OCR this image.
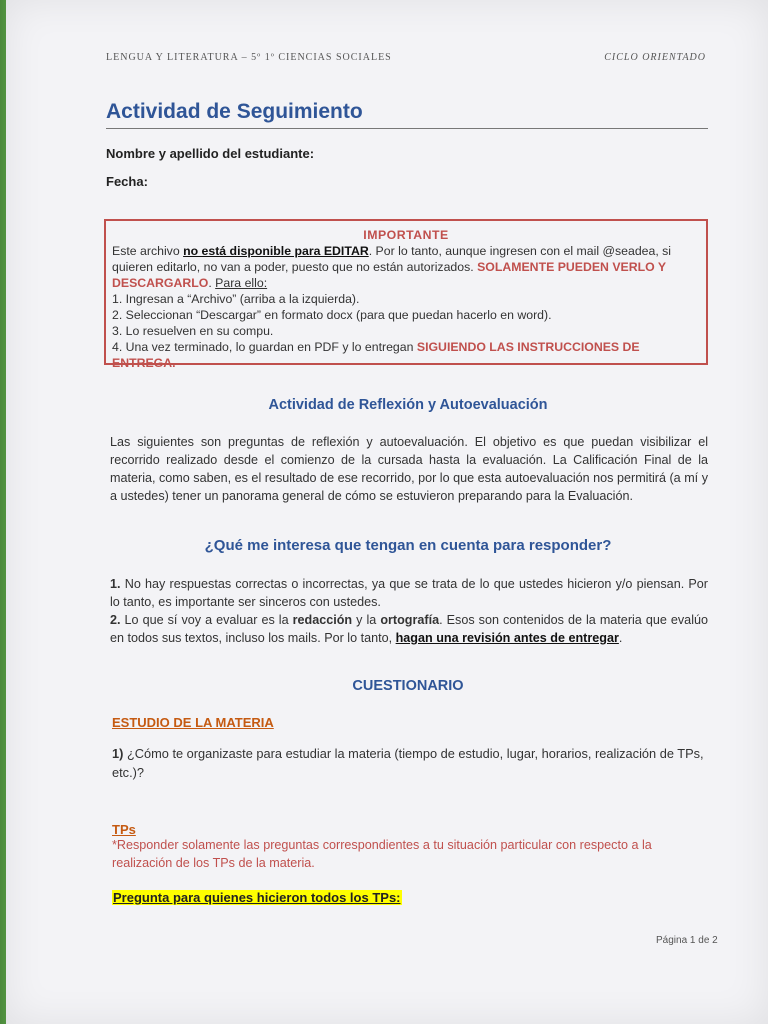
LENGUA Y LITERATURA – 5º 1º CIENCIAS SOCIALES	CICLO ORIENTADO
Actividad de Seguimiento
Nombre y apellido del estudiante:
Fecha:
IMPORTANTE
Este archivo no está disponible para EDITAR. Por lo tanto, aunque ingresen con el mail @seadea, si quieren editarlo, no van a poder, puesto que no están autorizados. SOLAMENTE PUEDEN VERLO Y DESCARGARLO. Para ello:
1. Ingresan a “Archivo” (arriba a la izquierda).
2. Seleccionan “Descargar” en formato docx (para que puedan hacerlo en word).
3. Lo resuelven en su compu.
4. Una vez terminado, lo guardan en PDF y lo entregan SIGUIENDO LAS INSTRUCCIONES DE ENTREGA.
Actividad de Reflexión y Autoevaluación
Las siguientes son preguntas de reflexión y autoevaluación. El objetivo es que puedan visibilizar el recorrido realizado desde el comienzo de la cursada hasta la evaluación. La Calificación Final de la materia, como saben, es el resultado de ese recorrido, por lo que esta autoevaluación nos permitirá (a mí y a ustedes) tener un panorama general de cómo se estuvieron preparando para la Evaluación.
¿Qué me interesa que tengan en cuenta para responder?
1. No hay respuestas correctas o incorrectas, ya que se trata de lo que ustedes hicieron y/o piensan. Por lo tanto, es importante ser sinceros con ustedes.
2. Lo que sí voy a evaluar es la redacción y la ortografía. Esos son contenidos de la materia que evalúo en todos sus textos, incluso los mails. Por lo tanto, hagan una revisión antes de entregar.
CUESTIONARIO
ESTUDIO DE LA MATERIA
1) ¿Cómo te organizaste para estudiar la materia (tiempo de estudio, lugar, horarios, realización de TPs, etc.)?
TPs
*Responder solamente las preguntas correspondientes a tu situación particular con respecto a la realización de los TPs de la materia.
Pregunta para quienes hicieron todos los TPs:
Página 1 de 2
